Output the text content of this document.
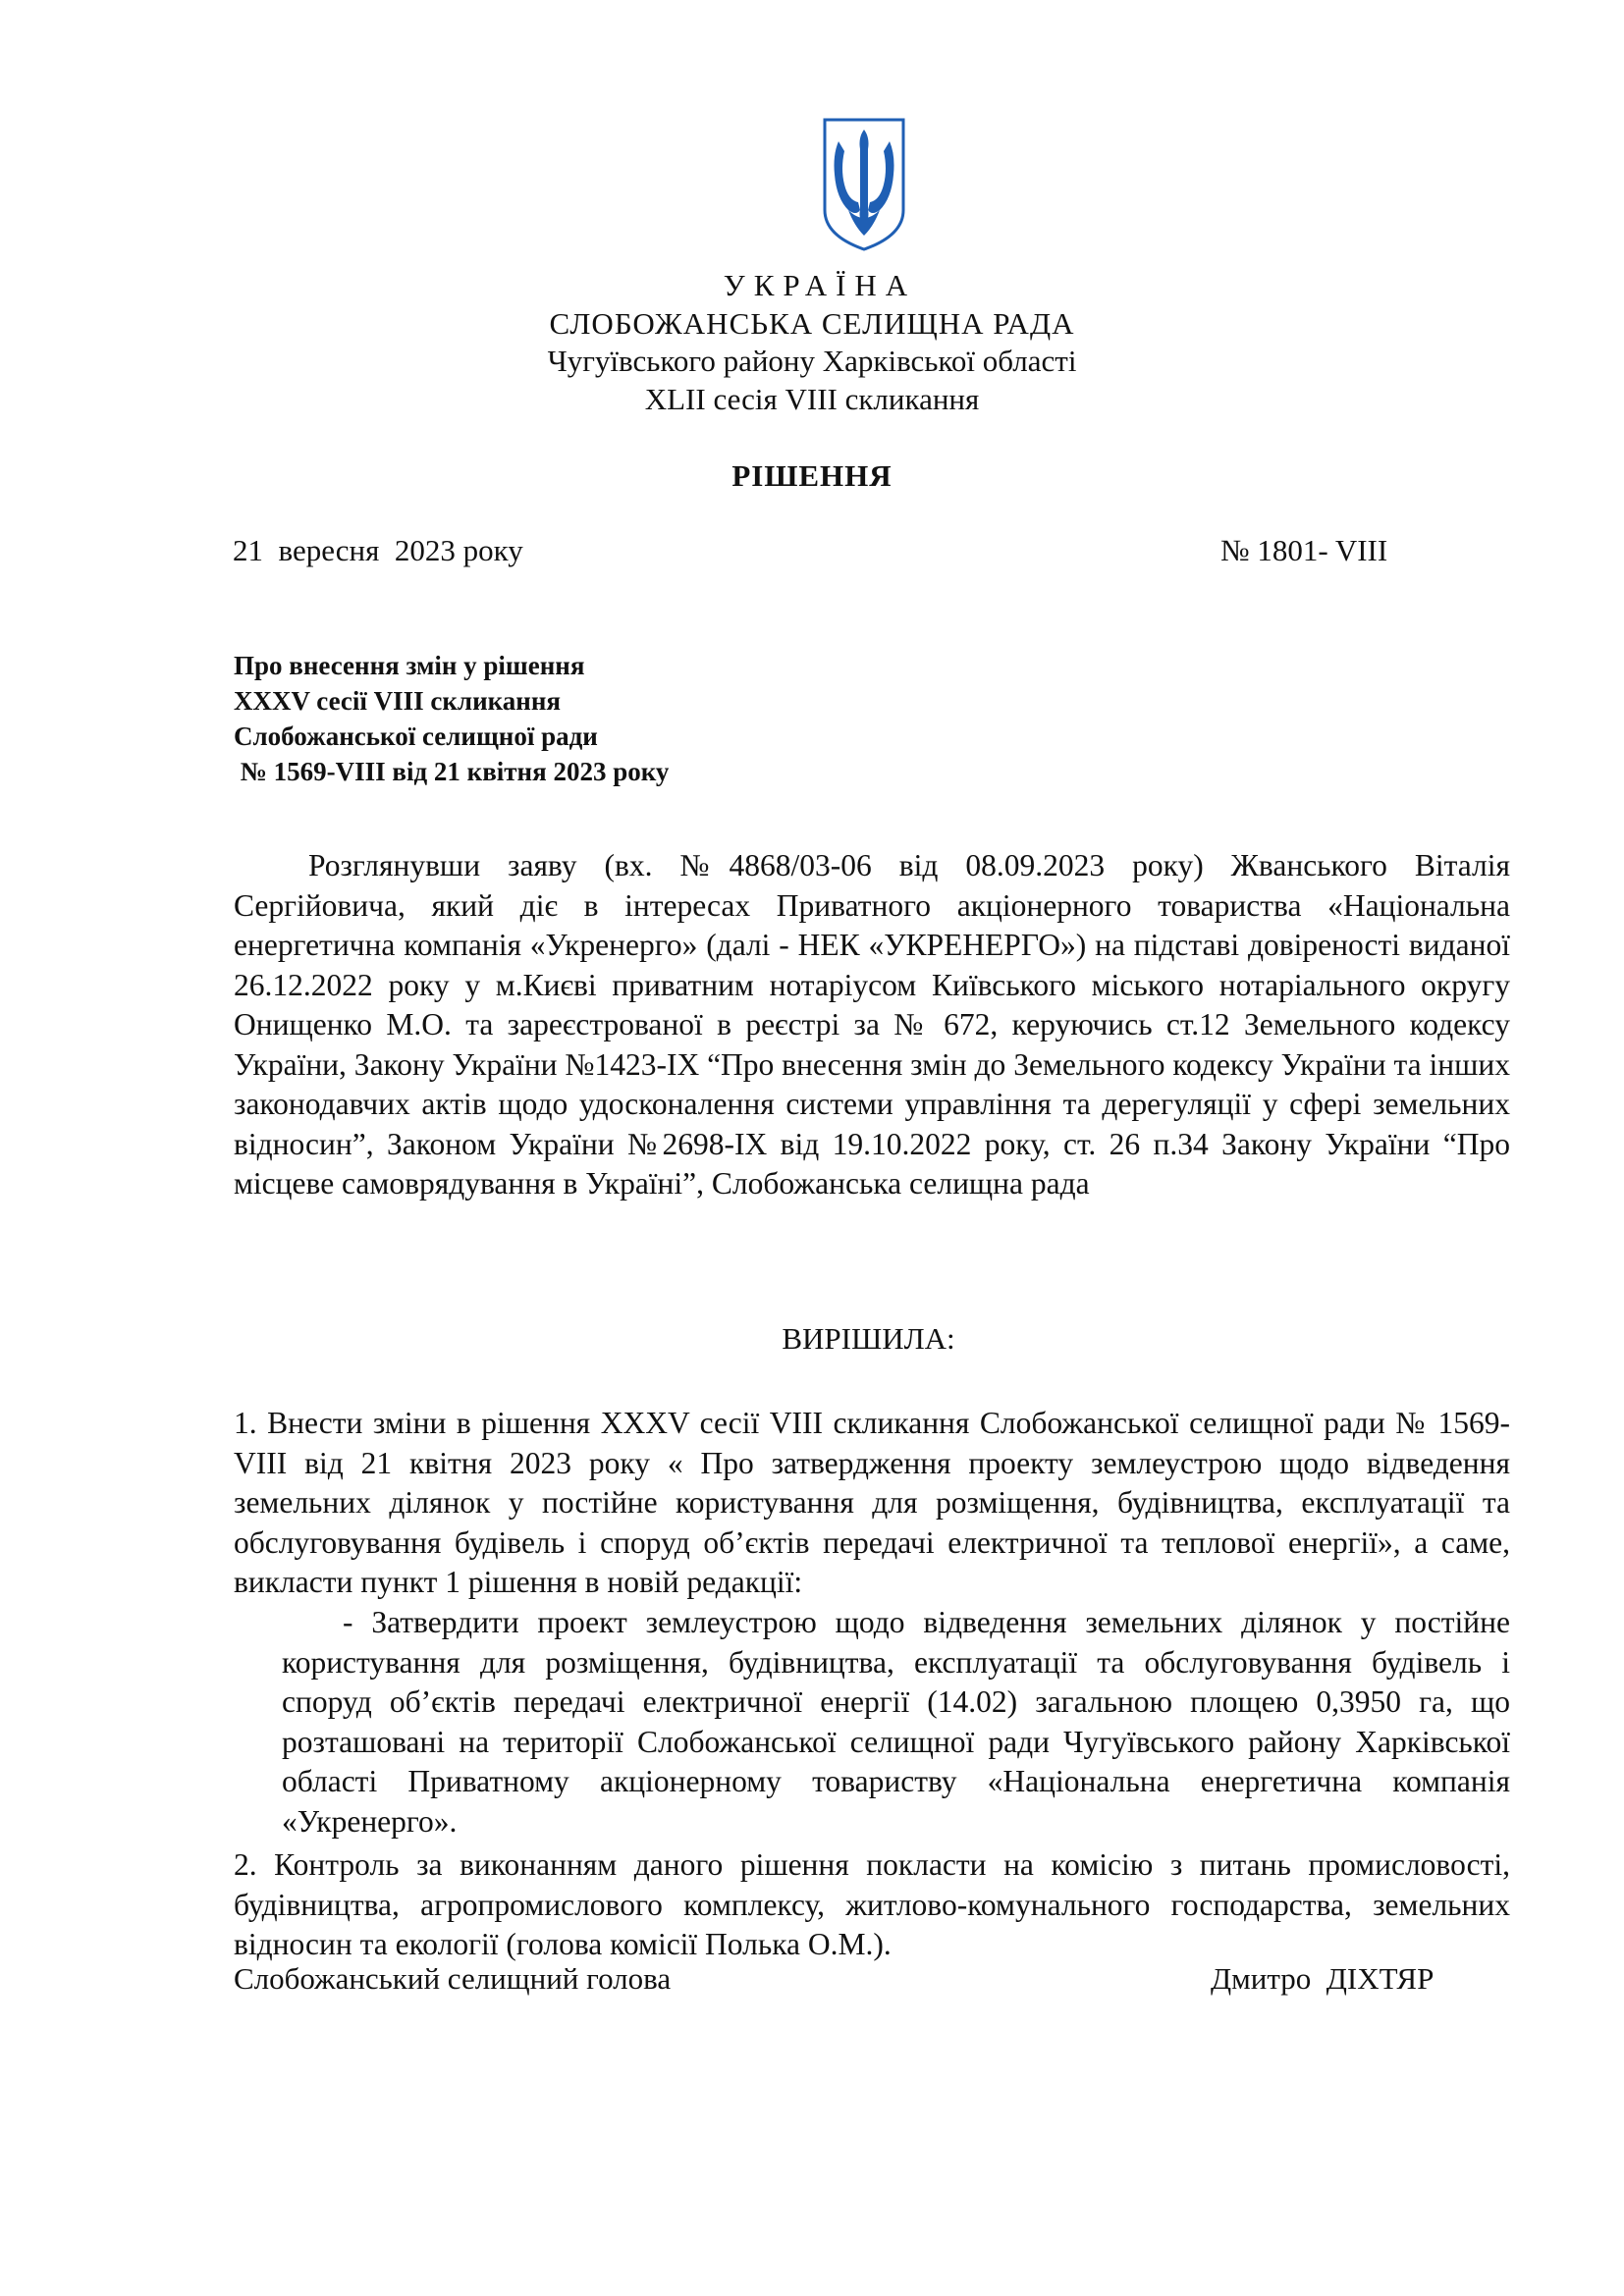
УКРАЇНА
СЛОБОЖАНСЬКА СЕЛИЩНА РАДА
Чугуївського району Харківської області
XLII сесія VIII скликання
РІШЕННЯ
21  вересня  2023 року	№ 1801- VIII
Про внесення змін у рішення
XXXV сесії VIII скликання
Слобожанської селищної ради
№ 1569-VIII від 21 квітня 2023 року

Розглянувши заяву (вх. №4868/03-06 від 08.09.2023 року) Жванського Віталія Сергійовича, який діє в інтересах Приватного акціонерного товариства «Національна енергетична компанія «Укренерго» (далі - НЕК «УКРЕНЕРГО») на підставі довіреності виданої 26.12.2022 року у м.Києві приватним нотаріусом Київського міського нотаріального округу Онищенко М.О. та зареєстрованої в реєстрі за № 672, керуючись ст.12 Земельного кодексу України, Закону України №1423-IX “Про внесення змін до Земельного кодексу України та інших законодавчих актів щодо удосконалення системи управління та дерегуляції у сфері земельних відносин”, Законом України №2698-IX від 19.10.2022 року, ст. 26 п.34 Закону України “Про місцеве самоврядування в Україні”, Слобожанська селищна рада

ВИРІШИЛА:

1. Внести зміни в рішення XXXV сесії VIII скликання Слобожанської селищної ради № 1569-VIII від 21 квітня 2023 року « Про затвердження проекту землеустрою щодо відведення земельних ділянок у постійне користування для розміщення, будівництва, експлуатації та обслуговування будівель і споруд об’єктів передачі електричної та теплової енергії», а саме, викласти пункт 1 рішення в новій редакції:

- Затвердити проект землеустрою щодо відведення земельних ділянок у постійне користування для розміщення, будівництва, експлуатації та обслуговування будівель і споруд об’єктів передачі електричної енергії (14.02) загальною площею 0,3950 га, що розташовані на території Слобожанської селищної ради Чугуївського району Харківської області Приватному акціонерному товариству «Національна енергетична компанія «Укренерго».

2. Контроль за виконанням даного рішення покласти на комісію з питань промисловості, будівництва, агропромислового комплексу, житлово-комунального господарства, земельних відносин та екології (голова комісії Полька О.М.).

Слобожанський селищний голова	Дмитро  ДІХТЯР
